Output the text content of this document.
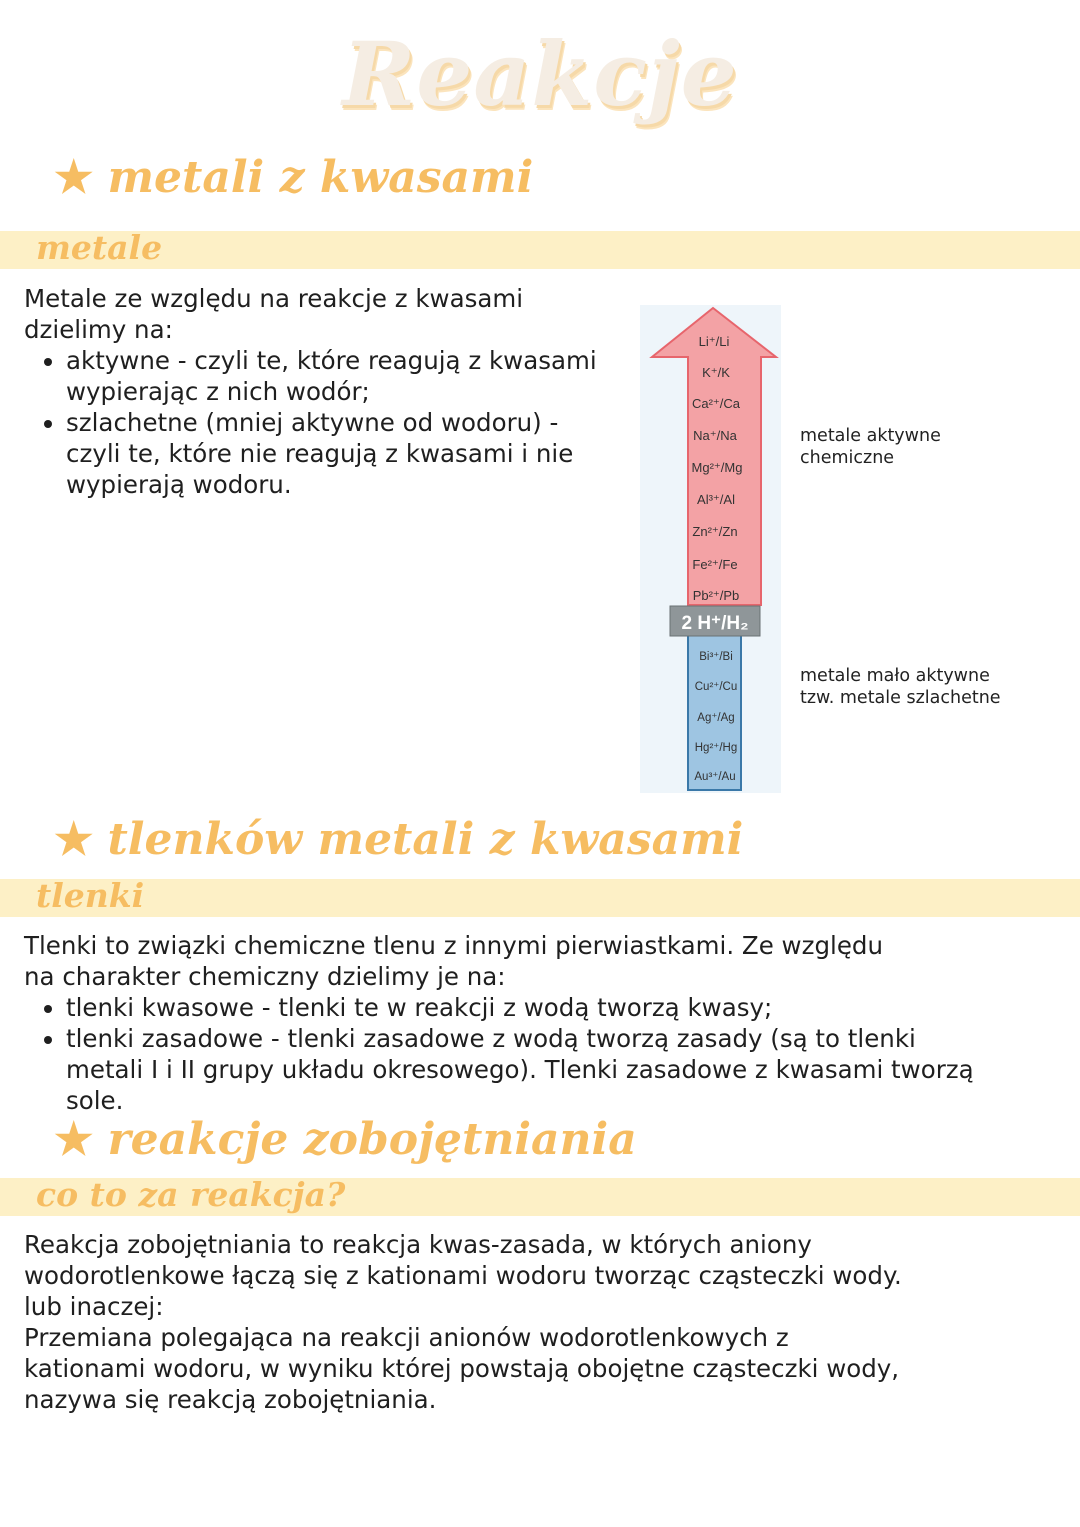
Reakcje
★ metali z kwasami
metale

Metale ze względu na reakcje z kwasami

dzielimy na:

• aktywne - czyli te, które reagują z kwasami wypierając z nich wodór;
• szlachetne (mniej aktywne od wodoru) - czyli te, które nie reagują z kwasami i nie wypierają wodoru.
Li⁺/Li
K⁺/K
Ca²⁺/Ca
Na⁺/Na
Mg²⁺/Mg
Al³⁺/Al
Zn²⁺/Zn
Fe²⁺/Fe
Pb²⁺/Pb
2 H⁺/H₂
Bi³⁺/Bi
Cu²⁺/Cu
Ag⁺/Ag
Hg²⁺/Hg
Au³⁺/Au
metale aktywne
chemiczne
metale mało aktywne
tzw. metale szlachetne
★ tlenków metali z kwasami
tlenki

Tlenki to związki chemiczne tlenu z innymi pierwiastkami. Ze względu

na charakter chemiczny dzielimy je na:

• tlenki kwasowe - tlenki te w reakcji z wodą tworzą kwasy;
• tlenki zasadowe - tlenki zasadowe z wodą tworzą zasady (są to tlenki metali I i II grupy układu okresowego). Tlenki zasadowe z kwasami tworzą sole.
★ reakcje zobojętniania
co to za reakcja?

Reakcja zobojętniania to reakcja kwas-zasada, w których aniony

wodorotlenkowe łączą się z kationami wodoru tworząc cząsteczki wody.

lub inaczej:

Przemiana polegająca na reakcji anionów wodorotlenkowych z

kationami wodoru, w wyniku której powstają obojętne cząsteczki wody,

nazywa się reakcją zobojętniania.
